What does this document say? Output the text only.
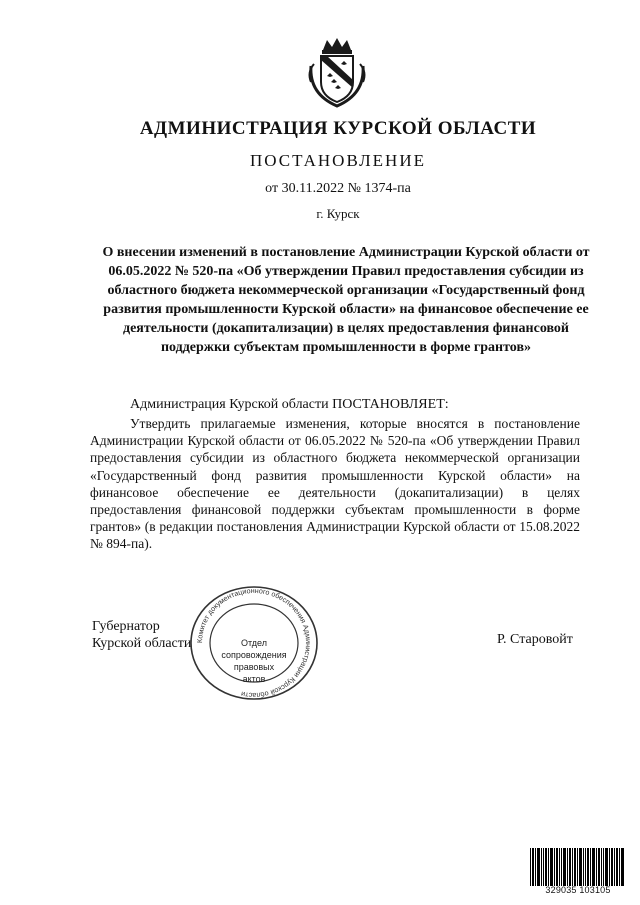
АДМИНИСТРАЦИЯ КУРСКОЙ ОБЛАСТИ
ПОСТАНОВЛЕНИЕ
от 30.11.2022 № 1374-па
г. Курск
О внесении изменений в постановление Администрации Курской области от 06.05.2022 № 520-па «Об утверждении Правил предоставления субсидии из областного бюджета некоммерческой организации «Государственный фонд развития промышленности Курской области» на финансовое обеспечение ее деятельности (докапитализации) в целях предоставления финансовой поддержки субъектам промышленности в форме грантов»
Администрация Курской области ПОСТАНОВЛЯЕТ:
Утвердить прилагаемые изменения, которые вносятся в постановление Администрации Курской области от 06.05.2022 № 520-па «Об утверждении Правил предоставления субсидии из областного бюджета некоммерческой организации «Государственный фонд развития промышленности Курской области» на финансовое обеспечение ее деятельности (докапитализации) в целях предоставления финансовой поддержки субъектам промышленности в форме грантов» (в редакции постановления Администрации Курской области от 15.08.2022 № 894-па).
Губернатор
Курской области	Р. Старовойт
Комитет документационного обеспечения Администрации Курской области
Отдел
сопровождения
правовых
актов
329035 103105
